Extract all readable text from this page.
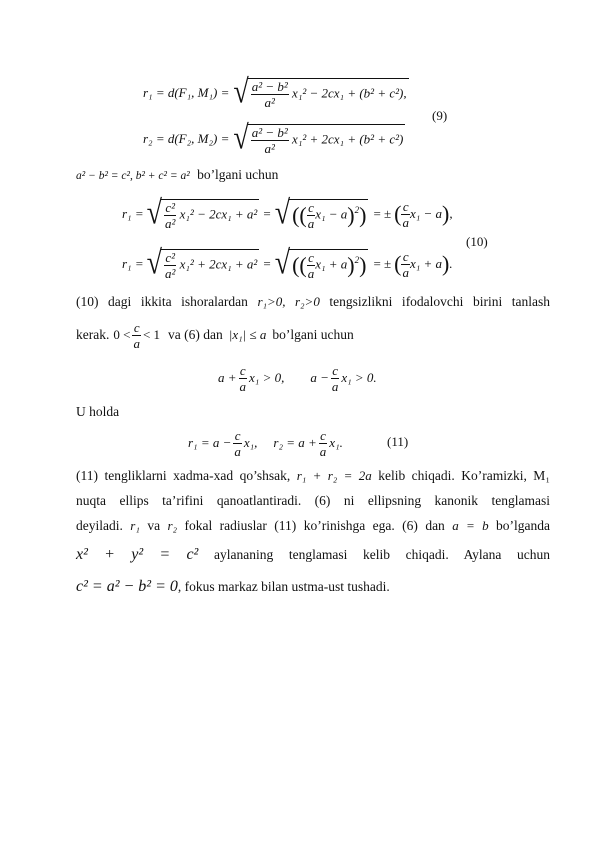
r₁ = d(F₁, M₁) = √ $\frac{\text{a² − b²}}{\text{a²}} x_1^2 - 2cx_1 + (b^2 + c^2)$,
(9)
r₂ = d(F₂, M₂) = √ $\frac{\text{a² − b²}}{\text{a²}} x_1^2 + 2cx_1 + (b^2 + c^2)$
a² − b² = c², b² + c² = a² bo’lgani uchun
r₁ = √ $\frac{\text{c²}}{\text{a²}} x_1^2 - 2cx_1 + a^2$ = √ (( $\frac{c}{a} x_1 - a)^2$) = ± ( $\frac{c}{a} x_1 - a$ ) ,
(10)
r₁ = √ $\frac{\text{c²}}{\text{a²}} x_1^2 + 2cx_1 + a^2$ = √ (( $\frac{c}{a} x_1 + a)^2$) = ± ( $\frac{c}{a} x_1 + a$ ) .
(10) dagi ikkita ishoralardan r₁>0, r₂>0 tengsizlikni ifodalovchi birini tanlash
kerak. $0 < \frac{c}{a} < 1$ va (6) dan |x₁| ≤ a bo’lgani uchun
$a + \frac{c}{a} x_1 > 0$, $a - \frac{c}{a} x_1 > 0$.
U holda
$r_1 = a - \frac{c}{a} x_1$, $r_2 = a + \frac{c}{a} x_1$.	(11)
(11) tengliklarni xadma-xad qo’shsak, r₁ + r₂ = 2a kelib chiqadi. Ko’ramizki, M₁
nuqta ellips ta’rifini qanoatlantiradi. (6) ni ellipsning kanonik tenglamasi
deyiladi. r₁ va r₂ fokal radiuslar (11) ko’rinishga ega. (6) dan a = b bo’lganda
x² + y² = c² aylananing tenglamasi kelib chiqadi. Aylana uchun
c² = a² − b² = 0, fokus markaz bilan ustma-ust tushadi.
